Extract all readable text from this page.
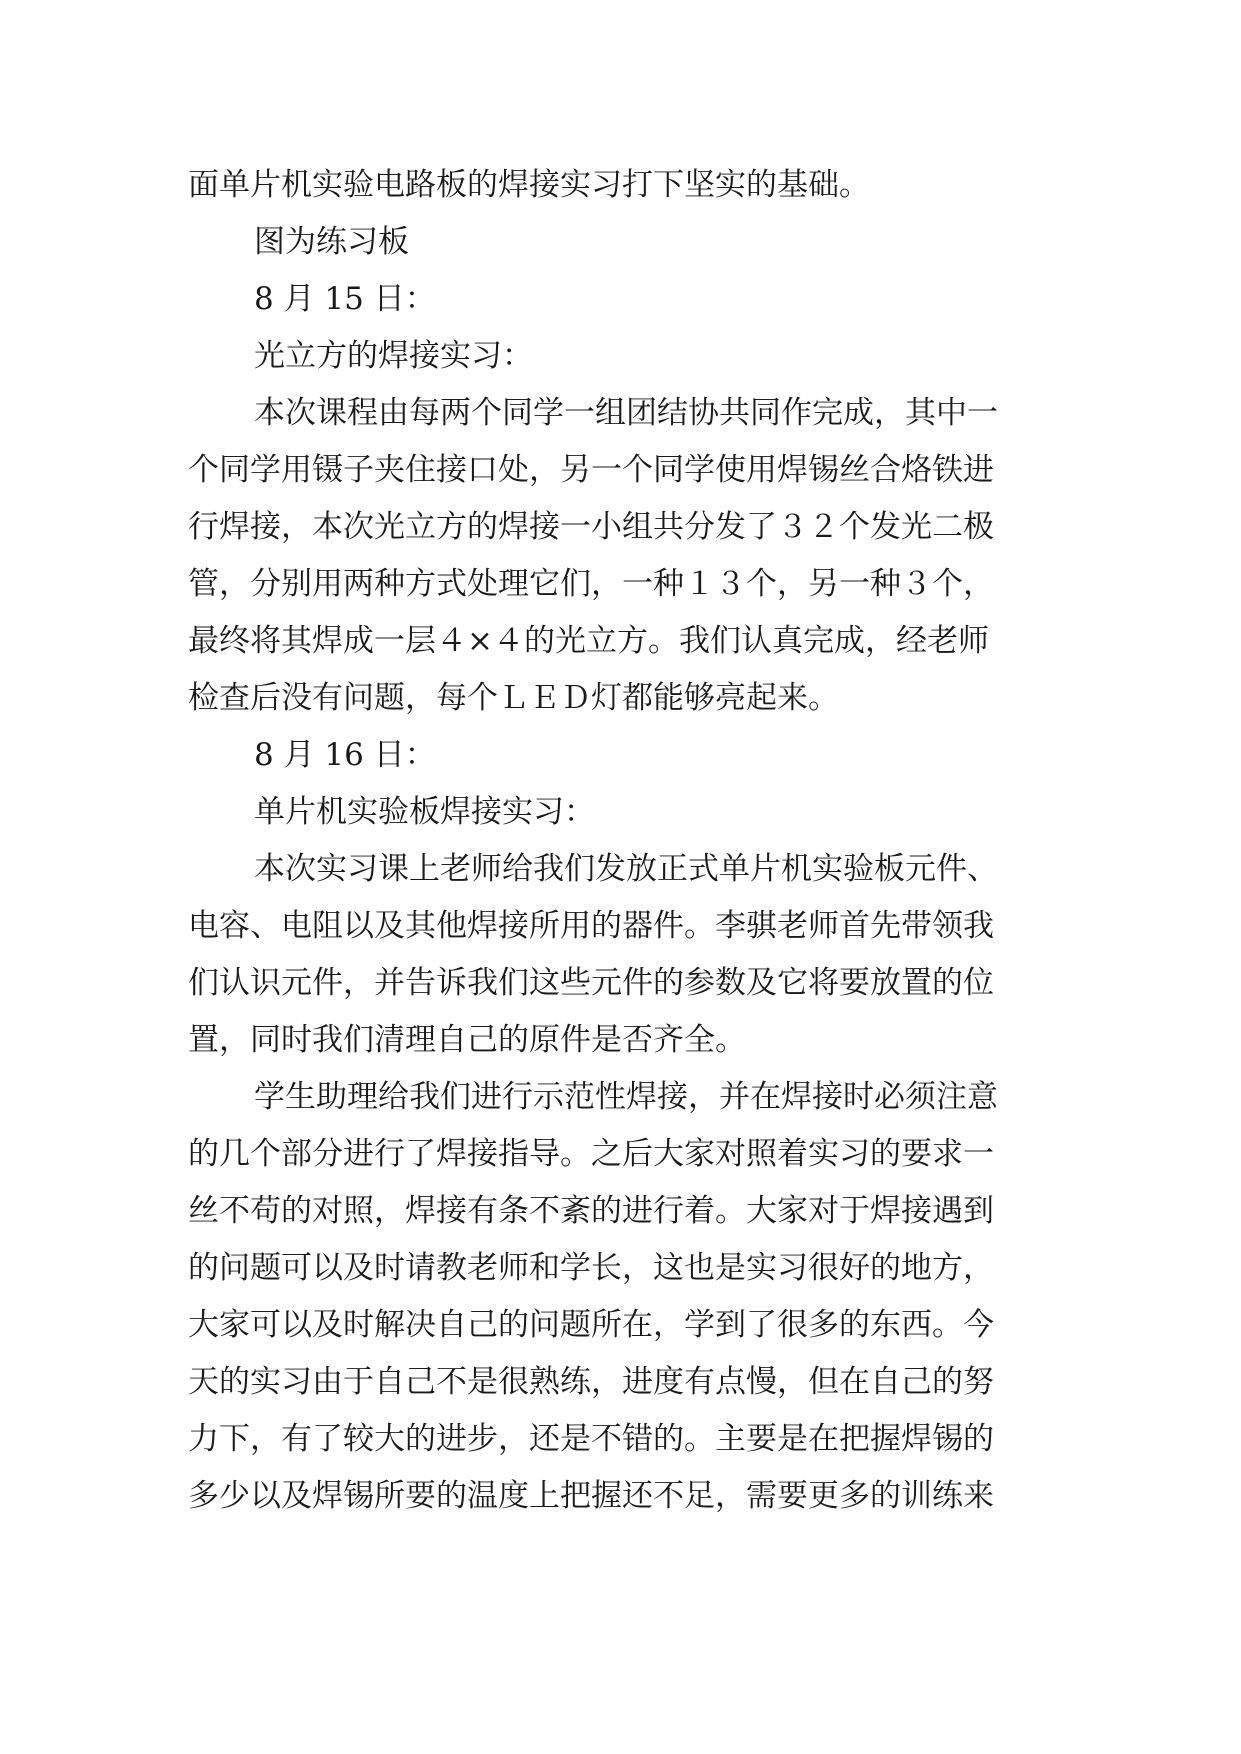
面单片机实验电路板的焊接实习打下坚实的基础。
图为练习板
8 月 15 日：
光立方的焊接实习：
本次课程由每两个同学一组团结协共同作完成，其中一
个同学用镊子夹住接口处，另一个同学使用焊锡丝合烙铁进
行焊接，本次光立方的焊接一小组共分发了３２个发光二极
管，分别用两种方式处理它们，一种１３个，另一种３个，
最终将其焊成一层４×４的光立方。我们认真完成，经老师
检查后没有问题，每个ＬＥＤ灯都能够亮起来。
8 月 16 日：
单片机实验板焊接实习：
本次实习课上老师给我们发放正式单片机实验板元件、
电容、电阻以及其他焊接所用的器件。李骐老师首先带领我
们认识元件，并告诉我们这些元件的参数及它将要放置的位
置，同时我们清理自己的原件是否齐全。
学生助理给我们进行示范性焊接，并在焊接时必须注意
的几个部分进行了焊接指导。之后大家对照着实习的要求一
丝不苟的对照，焊接有条不紊的进行着。大家对于焊接遇到
的问题可以及时请教老师和学长，这也是实习很好的地方，
大家可以及时解决自己的问题所在，学到了很多的东西。今
天的实习由于自己不是很熟练，进度有点慢，但在自己的努
力下，有了较大的进步，还是不错的。主要是在把握焊锡的
多少以及焊锡所要的温度上把握还不足，需要更多的训练来
